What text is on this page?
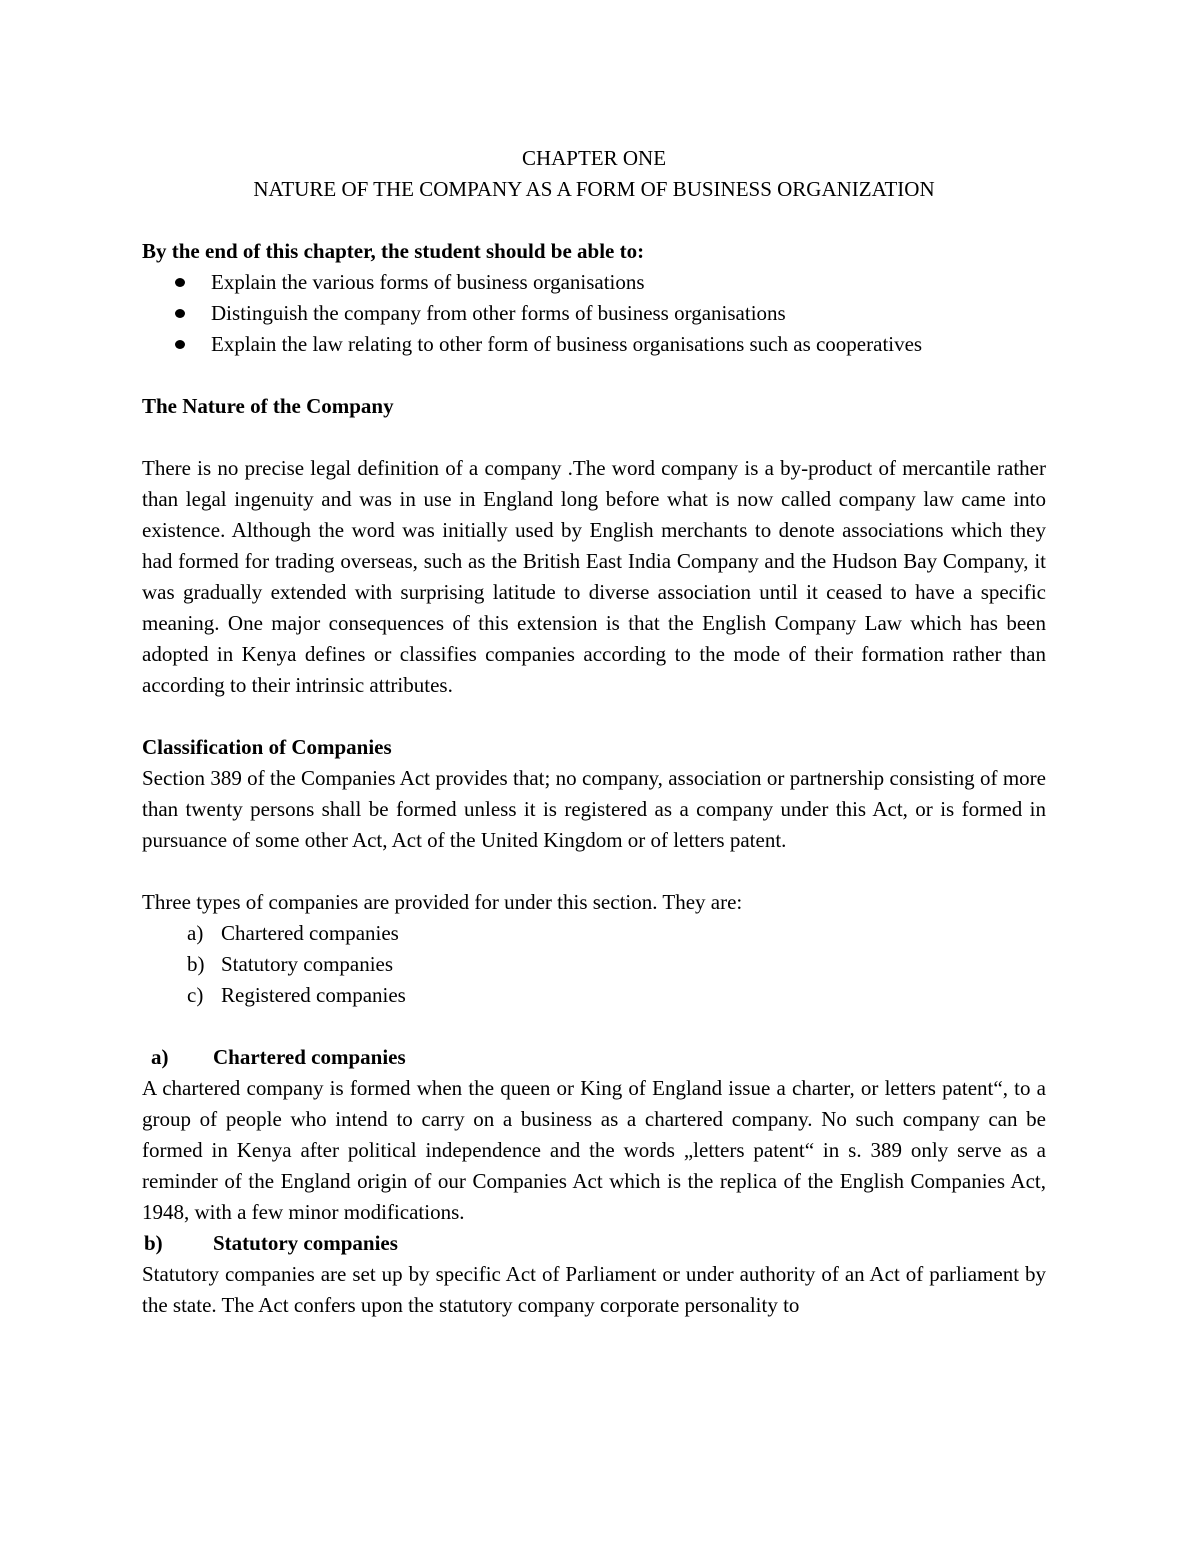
CHAPTER ONE
NATURE OF THE COMPANY AS A FORM OF BUSINESS ORGANIZATION
By the end of this chapter, the student should be able to:
Explain the various forms of business organisations
Distinguish the company from other forms of business organisations
Explain the law relating to other form of business organisations such as cooperatives
The Nature of the Company

There is no precise legal definition of a company .The word company is a by-product of mercantile rather than legal ingenuity and was in use in England long before what is now called company law came into existence. Although the word was initially used by English merchants to denote associations which they had formed for trading overseas, such as the British East India Company and the Hudson Bay Company, it was gradually extended with surprising latitude to diverse association until it ceased to have a specific meaning. One major consequences of this extension is that the English Company Law which has been adopted in Kenya defines or classifies companies according to the mode of their formation rather than according to their intrinsic attributes.

Classification of Companies

Section 389 of the Companies Act provides that; no company, association or partnership consisting of more than twenty persons shall be formed unless it is registered as a company under this Act, or is formed in pursuance of some other Act, Act of the United Kingdom or of letters patent.

Three types of companies are provided for under this section. They are:

a) Chartered companies
b) Statutory companies
c) Registered companies
a) Chartered companies

A chartered company is formed when the queen or King of England issue a charter, or letters patent“, to a group of people who intend to carry on a business as a chartered company. No such company can be formed in Kenya after political independence and the words „letters patent“ in s. 389 only serve as a reminder of the England origin of our Companies Act which is the replica of the English Companies Act, 1948, with a few minor modifications.

b) Statutory companies

Statutory companies are set up by specific Act of Parliament or under authority of an Act of parliament by the state. The Act confers upon the statutory company corporate personality to
